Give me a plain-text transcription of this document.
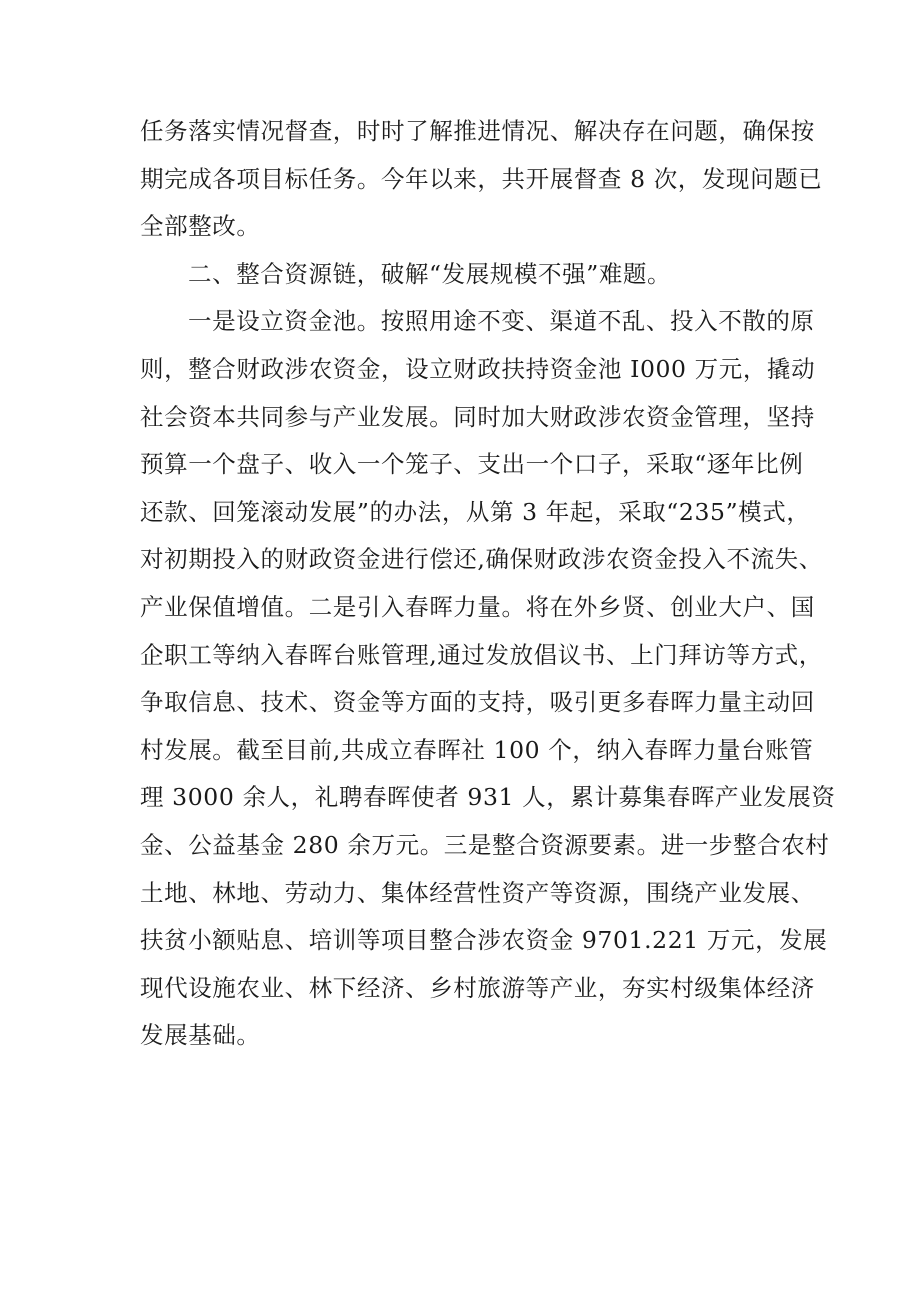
任务落实情况督查，时时了解推进情况、解决存在问题，确保按
期完成各项目标任务。今年以来，共开展督查 8 次，发现问题已
全部整改。
二、整合资源链，破解“发展规模不强”难题。
一是设立资金池。按照用途不变、渠道不乱、投入不散的原
则，整合财政涉农资金，设立财政扶持资金池 I000 万元，撬动
社会资本共同参与产业发展。同时加大财政涉农资金管理，坚持
预算一个盘子、收入一个笼子、支出一个口子，采取“逐年比例
还款、回笼滚动发展”的办法，从第 3 年起，采取“235”模式，
对初期投入的财政资金进行偿还,确保财政涉农资金投入不流失、
产业保值增值。二是引入春晖力量。将在外乡贤、创业大户、国
企职工等纳入春晖台账管理,通过发放倡议书、上门拜访等方式，
争取信息、技术、资金等方面的支持，吸引更多春晖力量主动回
村发展。截至目前,共成立春晖社 100 个，纳入春晖力量台账管
理 3000 余人，礼聘春晖使者 931 人，累计募集春晖产业发展资
金、公益基金 280 余万元。三是整合资源要素。进一步整合农村
土地、林地、劳动力、集体经营性资产等资源，围绕产业发展、
扶贫小额贴息、培训等项目整合涉农资金 9701.221 万元，发展
现代设施农业、林下经济、乡村旅游等产业，夯实村级集体经济
发展基础。
